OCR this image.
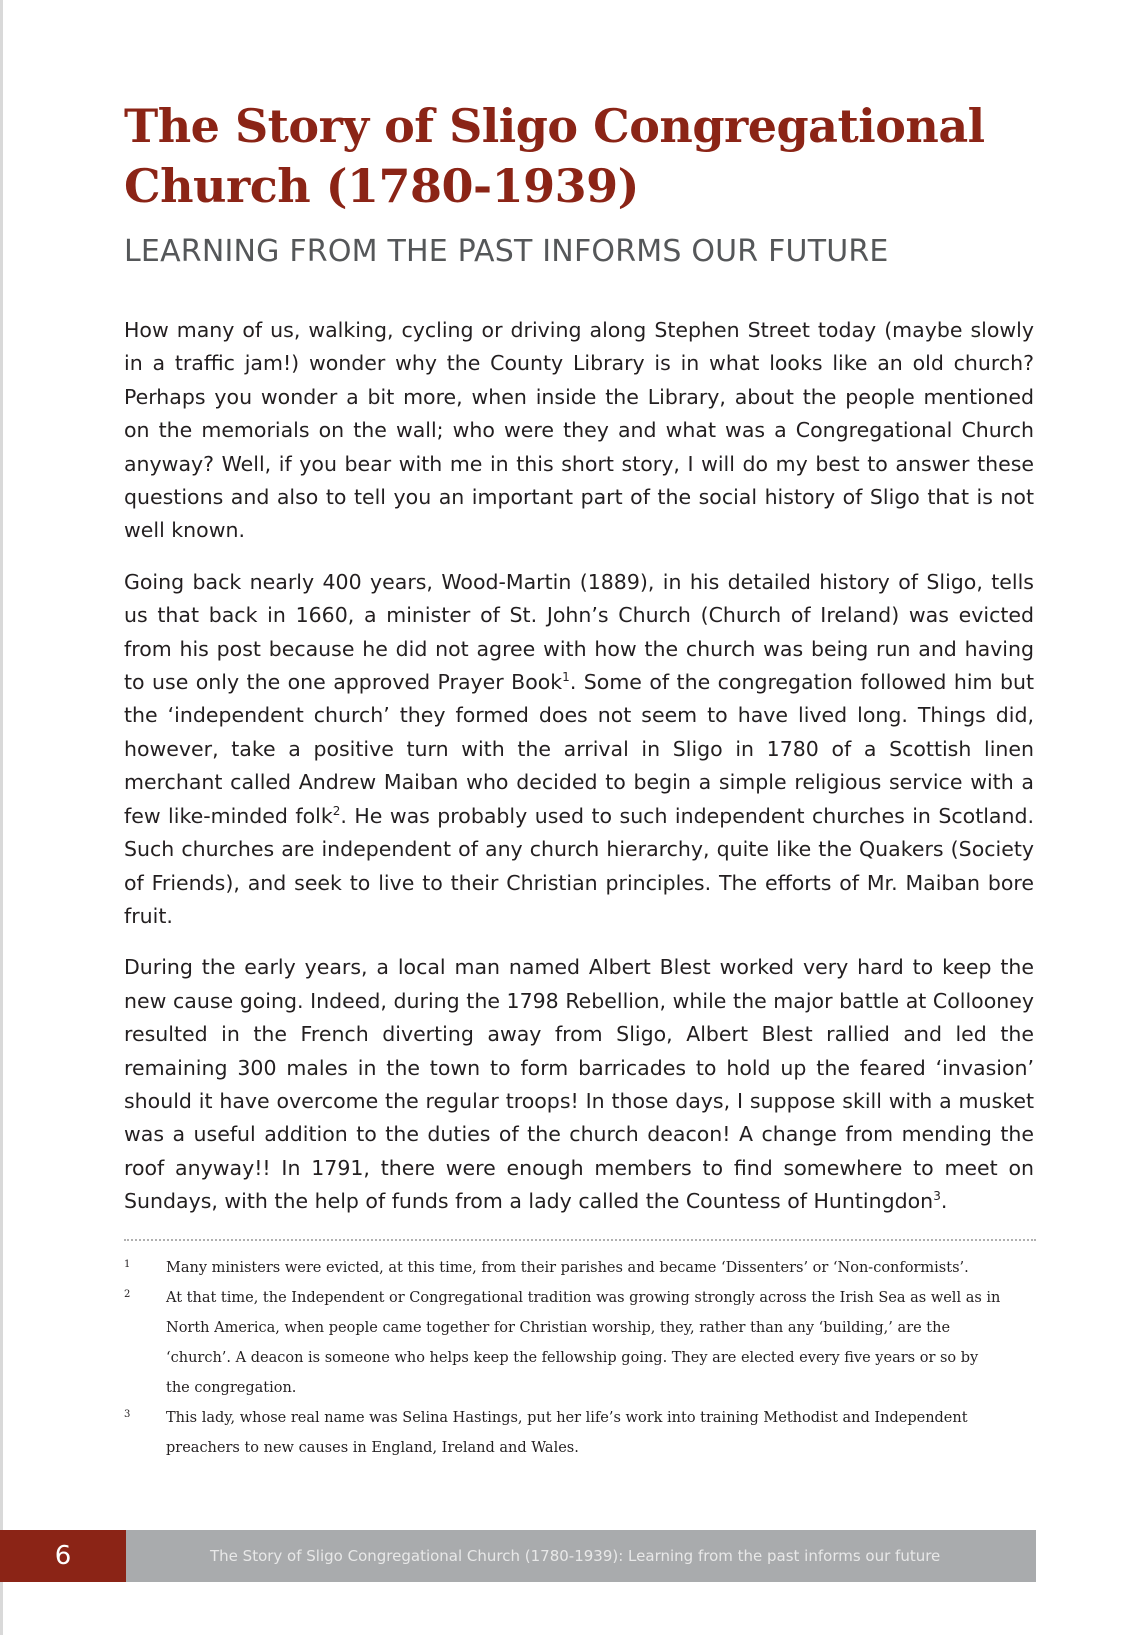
The Story of Sligo Congregational Church (1780-1939)
LEARNING FROM THE PAST INFORMS OUR FUTURE

How many of us, walking, cycling or driving along Stephen Street today (maybe slowly in a traffic jam!) wonder why the County Library is in what looks like an old church? Perhaps you wonder a bit more, when inside the Library, about the people mentioned on the memorials on the wall; who were they and what was a Congregational Church anyway? Well, if you bear with me in this short story, I will do my best to answer these questions and also to tell you an important part of the social history of Sligo that is not well known.

Going back nearly 400 years, Wood-Martin (1889), in his detailed history of Sligo, tells us that back in 1660, a minister of St. John’s Church (Church of Ireland) was evicted from his post because he did not agree with how the church was being run and having to use only the one approved Prayer Book$^1$. Some of the congregation followed him but the ‘independent church’ they formed does not seem to have lived long. Things did, however, take a positive turn with the arrival in Sligo in 1780 of a Scottish linen merchant called Andrew Maiban who decided to begin a simple religious service with a few like-minded folk$^2$. He was probably used to such independent churches in Scotland. Such churches are independent of any church hierarchy, quite like the Quakers (Society of Friends), and seek to live to their Christian principles. The efforts of Mr. Maiban bore fruit.

During the early years, a local man named Albert Blest worked very hard to keep the new cause going. Indeed, during the 1798 Rebellion, while the major battle at Collooney resulted in the French diverting away from Sligo, Albert Blest rallied and led the remaining 300 males in the town to form barricades to hold up the feared ‘invasion’ should it have overcome the regular troops! In those days, I suppose skill with a musket was a useful addition to the duties of the church deacon! A change from mending the roof anyway!! In 1791, there were enough members to find somewhere to meet on Sundays, with the help of funds from a lady called the Countess of Huntingdon$^3$.

1	Many ministers were evicted, at this time, from their parishes and became ‘Dissenters’ or ‘Non-conformists’.
2	At that time, the Independent or Congregational tradition was growing strongly across the Irish Sea as well as in North America, when people came together for Christian worship, they, rather than any ‘building,’ are the ‘church’. A deacon is someone who helps keep the fellowship going. They are elected every five years or so by the congregation.
3	This lady, whose real name was Selina Hastings, put her life’s work into training Methodist and Independent preachers to new causes in England, Ireland and Wales.
6	The Story of Sligo Congregational Church (1780-1939): Learning from the past informs our future
